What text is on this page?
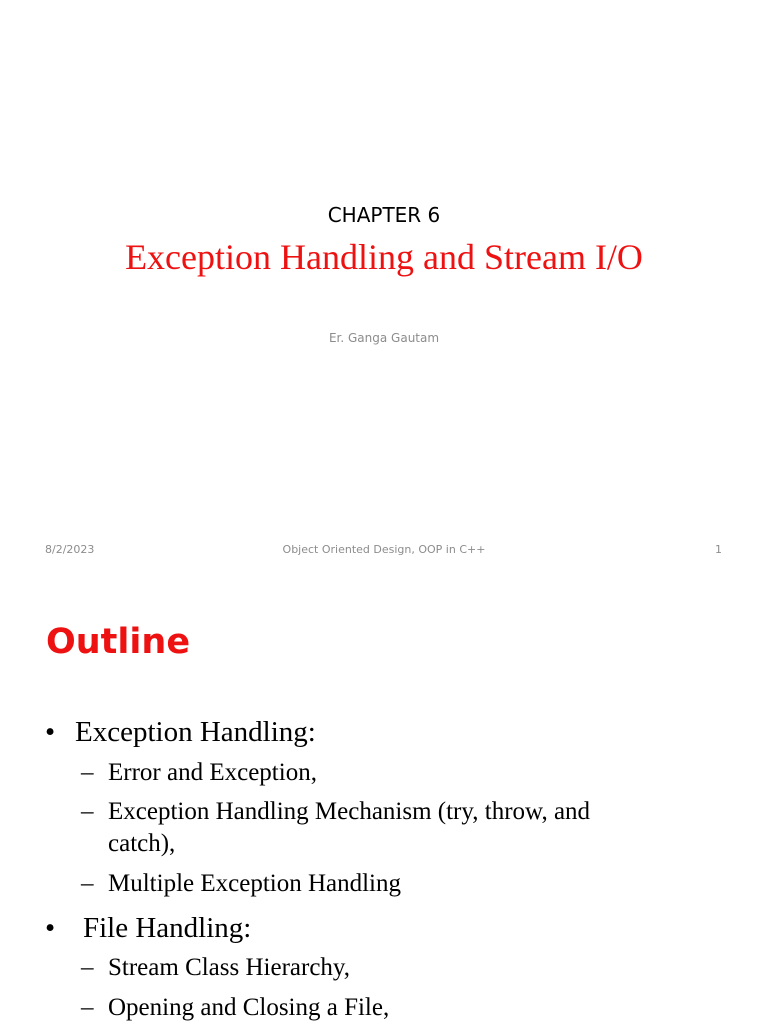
CHAPTER 6
Exception Handling and Stream I/O
Er. Ganga Gautam
8/2/2023	Object Oriented Design, OOP in C++	1
Outline
• Exception Handling:
– Error and Exception,
– Exception Handling Mechanism (try, throw, and
catch),
– Multiple Exception Handling
• File Handling:
– Stream Class Hierarchy,
– Opening and Closing a File,
